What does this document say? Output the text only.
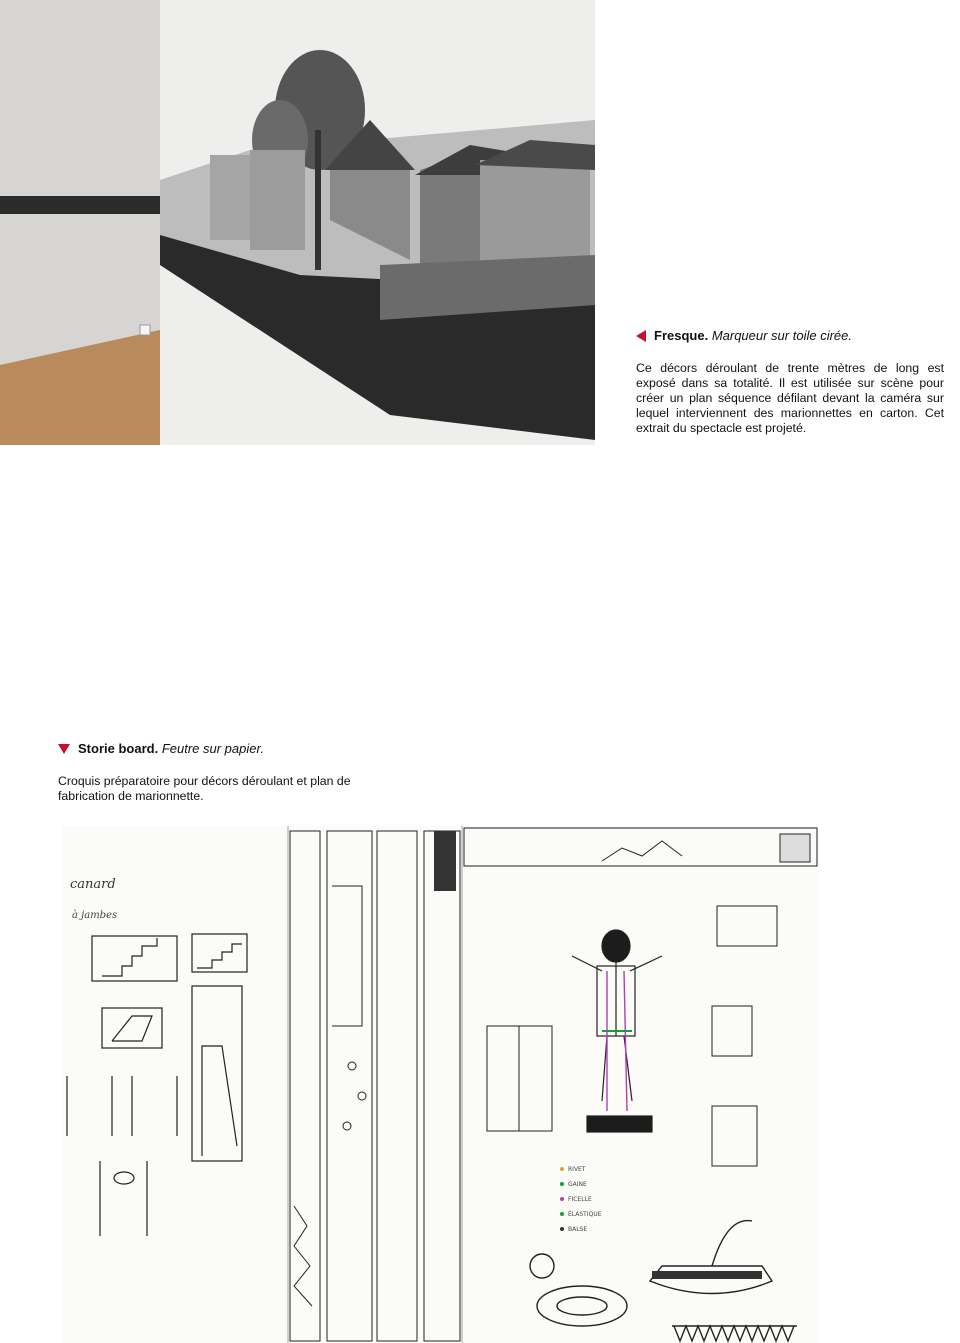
Fresque. Marqueur sur toile cirée.

Ce décors déroulant de trente mètres de long est exposé dans sa totalité. Il est utilisée sur scène pour créer un plan séquence défilant devant la caméra sur lequel interviennent des marionnettes en carton. Cet extrait du spectacle est projeté.

Storie board. Feutre sur papier.

Croquis préparatoire pour décors déroulant et plan de fabrication de marionnette.

canard
à jambes
RIVET
GAINE
FICELLE
ÉLASTIQUE
BALSE
